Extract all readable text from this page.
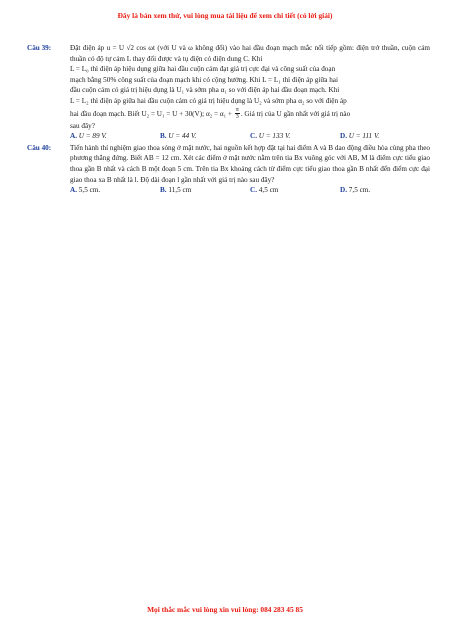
Đây là bản xem thử, vui lòng mua tài liệu để xem chi tiết (có lời giải)
Câu 39:	Đặt điện áp u = U √2 cos ωt (với U và ω không đổi) vào hai đầu đoạn mạch mắc nối tiếp gồm: điện trở thuần, cuộn cảm thuần có độ tự cảm L thay đổi được và tụ điện có điện dung C. Khi

L = L₀ thì điện áp hiệu dụng giữa hai đầu cuộn cảm đạt giá trị cực đại và công suất của đoạn

mạch bằng 50% công suất của đoạn mạch khi có cộng hưởng. Khi L = L₁ thì điện áp giữa hai

đầu cuộn cảm có giá trị hiệu dụng là U₁ và sớm pha α₁ so với điện áp hai đầu đoạn mạch. Khi

L = L₂ thì điện áp giữa hai đầu cuộn cảm có giá trị hiệu dụng là U₂ và sớm pha α₂ so với điện áp

hai đầu đoạn mạch. Biết U₂ = U₁ = U + 30(V); $\alpha_2 = \alpha_1 + \frac{\pi}{3}$ . Giá trị của U gần nhất với giá trị nào

sau đây?

A. U = 89 V.	B. U = 44 V.	C. U = 133 V.	D. U = 111 V.
Câu 40:	Tiến hành thí nghiệm giao thoa sóng ở mặt nước, hai nguồn kết hợp đặt tại hai điểm A và B dao động điều hòa cùng pha theo phương thẳng đứng. Biết AB = 12 cm. Xét các điểm ở mặt nước nằm trên tia Bx vuông góc với AB, M là điểm cực tiểu giao thoa gần B nhất và cách B một đoạn 5 cm. Trên tia Bx khoảng cách từ điểm cực tiểu giao thoa gần B nhất đến điểm cực đại giao thoa xa B nhất là l. Độ dài đoạn l gần nhất với giá trị nào sau đây?

A. 5,5 cm.	B. 11,5 cm	C. 4,5 cm	D. 7,5 cm.
Mọi thắc mắc vui lòng xin vui lòng: 084 283 45 85
